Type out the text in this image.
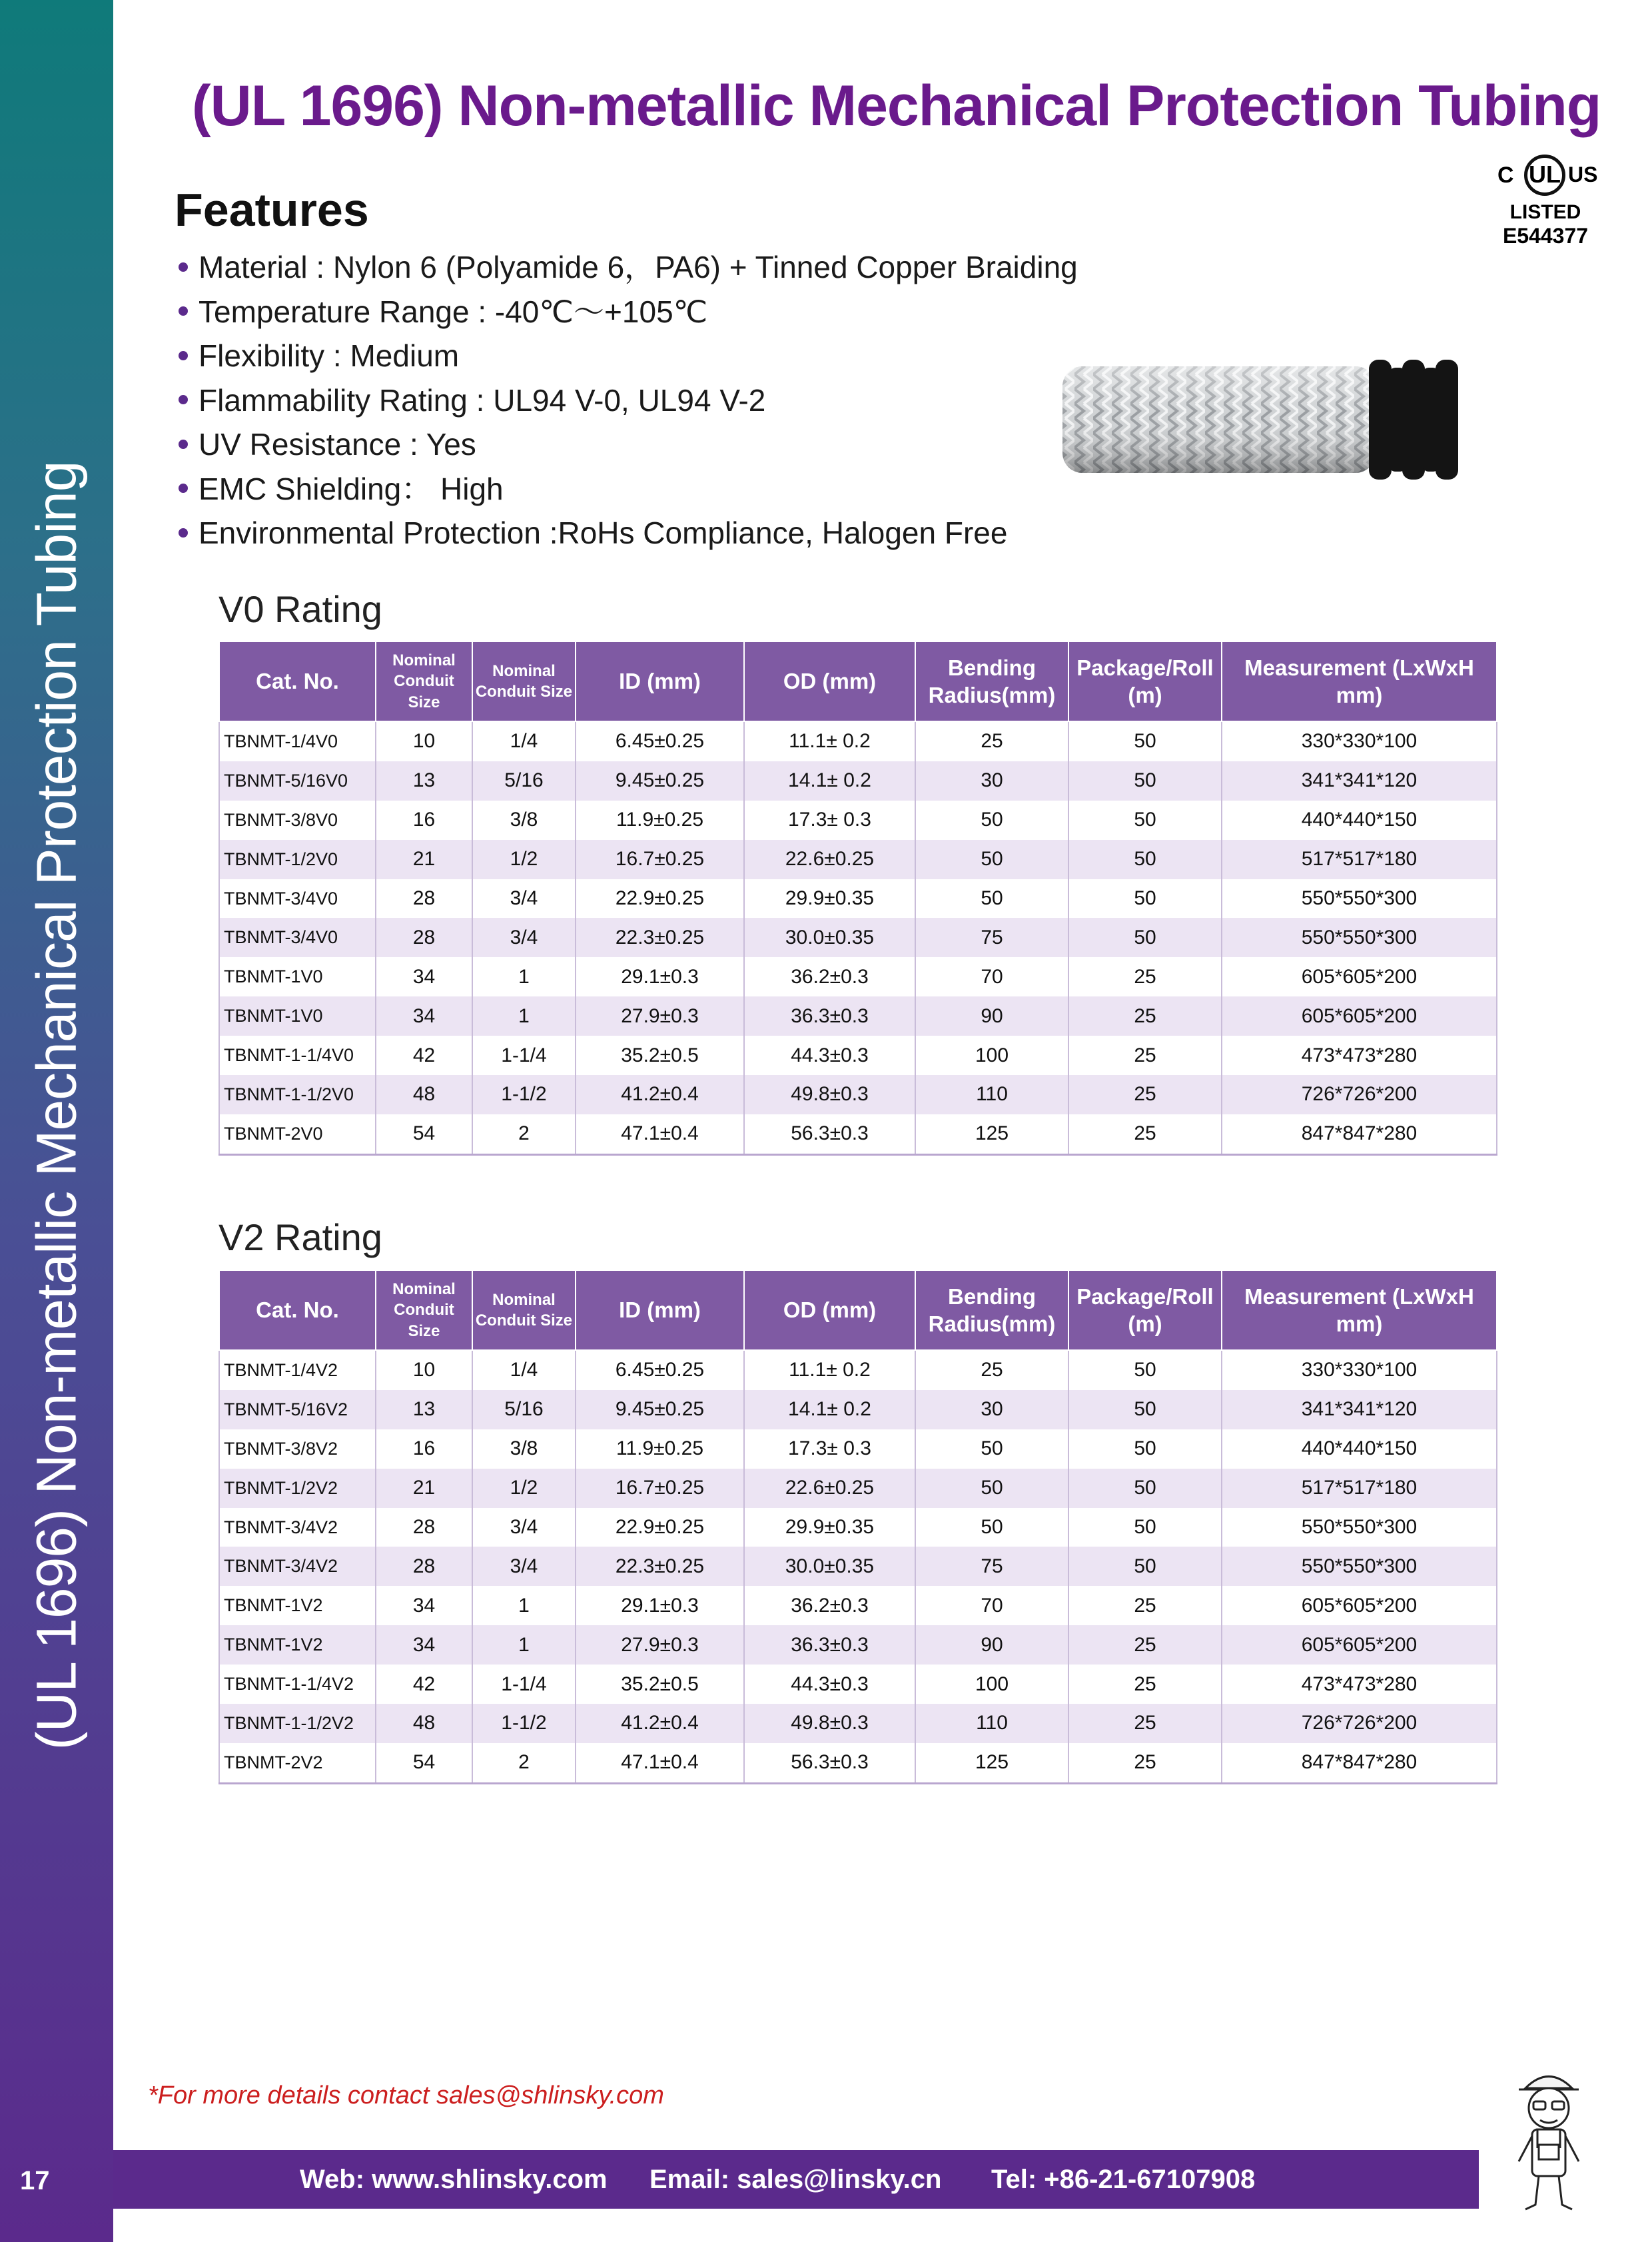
(UL 1696) Non-metallic Mechanical Protection Tubing
(UL 1696) Non-metallic Mechanical Protection Tubing
C UL US
LISTED
E544377
Features
Material : Nylon 6 (Polyamide 6，PA6) + Tinned Copper Braiding
Temperature Range : -40℃～+105℃
Flexibility : Medium
Flammability Rating : UL94 V-0, UL94 V-2
UV Resistance : Yes
EMC Shielding： High
Environmental Protection :RoHs Compliance, Halogen Free
V0 Rating
Cat. No.	Nominal Conduit Size	Nominal Conduit Size	ID (mm)	OD (mm)	Bending Radius(mm)	Package/Roll (m)	Measurement (LxWxH mm)
TBNMT-1/4V0	10	1/4	6.45±0.25	11.1± 0.2	25	50	330*330*100
TBNMT-5/16V0	13	5/16	9.45±0.25	14.1± 0.2	30	50	341*341*120
TBNMT-3/8V0	16	3/8	11.9±0.25	17.3± 0.3	50	50	440*440*150
TBNMT-1/2V0	21	1/2	16.7±0.25	22.6±0.25	50	50	517*517*180
TBNMT-3/4V0	28	3/4	22.9±0.25	29.9±0.35	50	50	550*550*300
TBNMT-3/4V0	28	3/4	22.3±0.25	30.0±0.35	75	50	550*550*300
TBNMT-1V0	34	1	29.1±0.3	36.2±0.3	70	25	605*605*200
TBNMT-1V0	34	1	27.9±0.3	36.3±0.3	90	25	605*605*200
TBNMT-1-1/4V0	42	1-1/4	35.2±0.5	44.3±0.3	100	25	473*473*280
TBNMT-1-1/2V0	48	1-1/2	41.2±0.4	49.8±0.3	110	25	726*726*200
TBNMT-2V0	54	2	47.1±0.4	56.3±0.3	125	25	847*847*280
V2 Rating
Cat. No.	Nominal Conduit Size	Nominal Conduit Size	ID (mm)	OD (mm)	Bending Radius(mm)	Package/Roll (m)	Measurement (LxWxH mm)
TBNMT-1/4V2	10	1/4	6.45±0.25	11.1± 0.2	25	50	330*330*100
TBNMT-5/16V2	13	5/16	9.45±0.25	14.1± 0.2	30	50	341*341*120
TBNMT-3/8V2	16	3/8	11.9±0.25	17.3± 0.3	50	50	440*440*150
TBNMT-1/2V2	21	1/2	16.7±0.25	22.6±0.25	50	50	517*517*180
TBNMT-3/4V2	28	3/4	22.9±0.25	29.9±0.35	50	50	550*550*300
TBNMT-3/4V2	28	3/4	22.3±0.25	30.0±0.35	75	50	550*550*300
TBNMT-1V2	34	1	29.1±0.3	36.2±0.3	70	25	605*605*200
TBNMT-1V2	34	1	27.9±0.3	36.3±0.3	90	25	605*605*200
TBNMT-1-1/4V2	42	1-1/4	35.2±0.5	44.3±0.3	100	25	473*473*280
TBNMT-1-1/2V2	48	1-1/2	41.2±0.4	49.8±0.3	110	25	726*726*200
TBNMT-2V2	54	2	47.1±0.4	56.3±0.3	125	25	847*847*280
*For more details contact sales@shlinsky.com
17	Web: www.shlinsky.com Email: sales@linsky.cn Tel: +86-21-67107908
